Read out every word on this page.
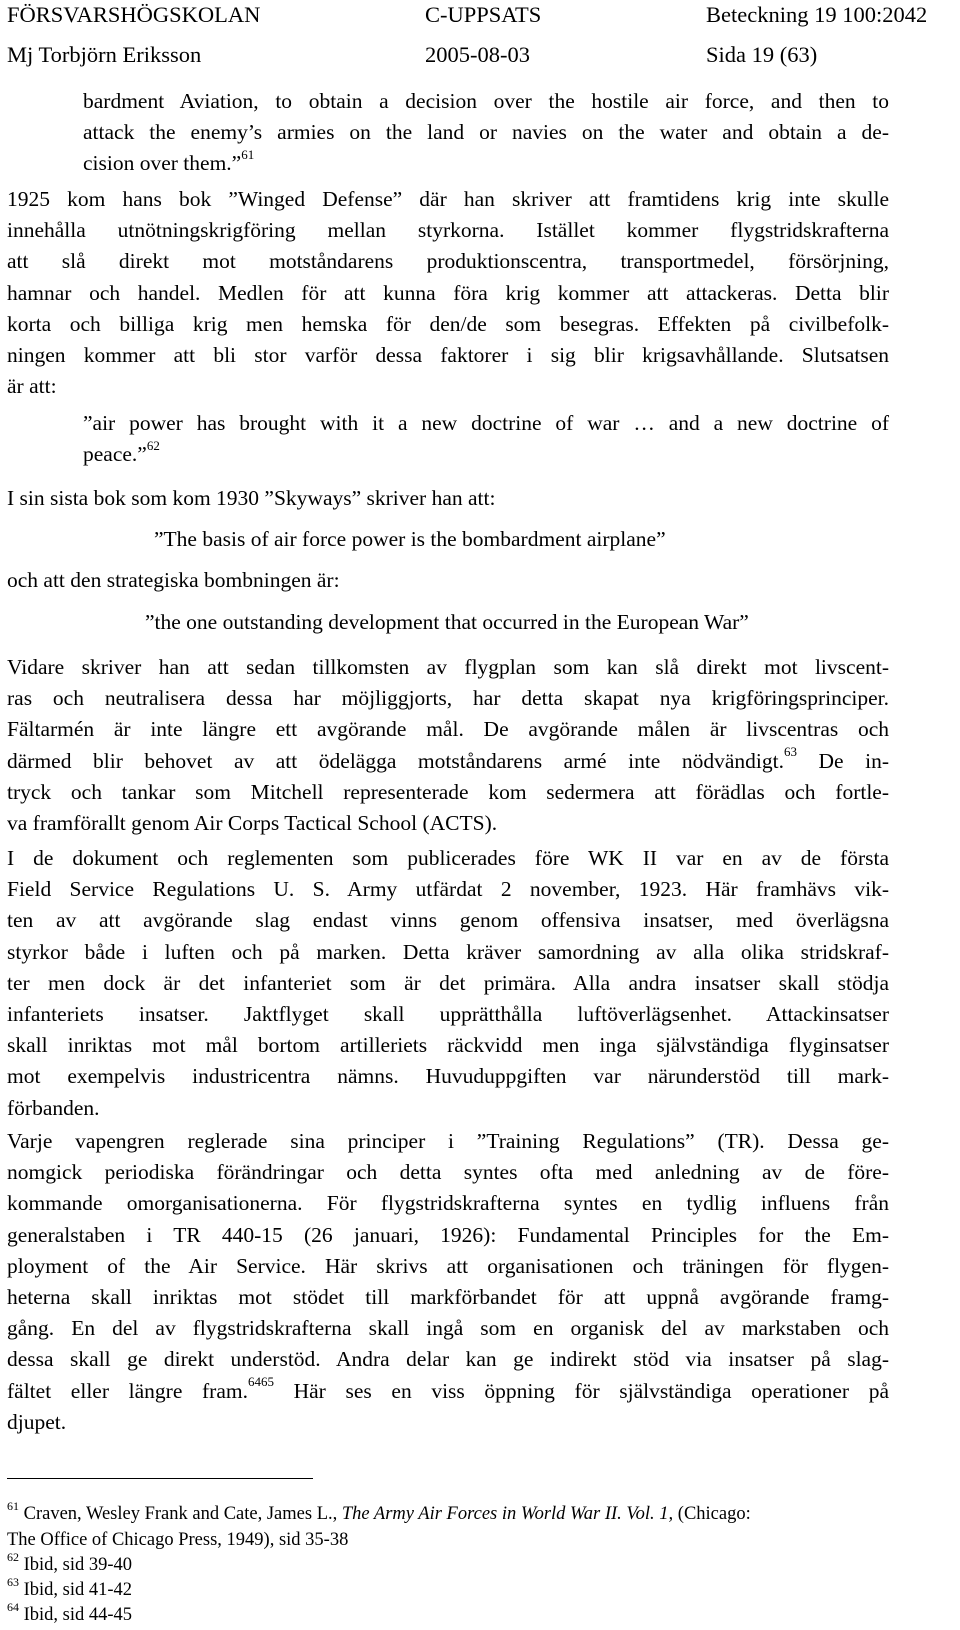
FÖRSVARSHÖGSKOLAN	C-UPPSATS	Beteckning 19 100:2042
Mj Torbjörn Eriksson	2005-08-03	Sida 19 (63)
bardment Aviation, to obtain a decision over the hostile air force, and then to
attack the enemy’s armies on the land or navies on the water and obtain a de-
cision over them.”$^{61}$
1925 kom hans bok ”Winged Defense” där han skriver att framtidens krig inte skulle
innehålla utnötningskrigföring mellan styrkorna. Istället kommer flygstridskrafterna
att slå direkt mot motståndarens produktionscentra, transportmedel, försörjning,
hamnar och handel. Medlen för att kunna föra krig kommer att attackeras. Detta blir
korta och billiga krig men hemska för den/de som besegras. Effekten på civilbefolk-
ningen kommer att bli stor varför dessa faktorer i sig blir krigsavhållande. Slutsatsen
är att:
”air power has brought with it a new doctrine of war … and a new doctrine of
peace.”$^{62}$
I sin sista bok som kom 1930 ”Skyways” skriver han att:
”The basis of air force power is the bombardment airplane”
och att den strategiska bombningen är:
”the one outstanding development that occurred in the European War”
Vidare skriver han att sedan tillkomsten av flygplan som kan slå direkt mot livscent-
ras och neutralisera dessa har möjliggjorts, har detta skapat nya krigföringsprinciper.
Fältarmén är inte längre ett avgörande mål. De avgörande målen är livscentras och
därmed blir behovet av att ödelägga motståndarens armé inte nödvändigt.$^{63}$ De in-
tryck och tankar som Mitchell representerade kom sedermera att förädlas och fortle-
va framförallt genom Air Corps Tactical School (ACTS).
I de dokument och reglementen som publicerades före WK II var en av de första
Field Service Regulations U. S. Army utfärdat 2 november, 1923. Här framhävs vik-
ten av att avgörande slag endast vinns genom offensiva insatser, med överlägsna
styrkor både i luften och på marken. Detta kräver samordning av alla olika stridskraf-
ter men dock är det infanteriet som är det primära. Alla andra insatser skall stödja
infanteriets insatser. Jaktflyget skall upprätthålla luftöverlägsenhet. Attackinsatser
skall inriktas mot mål bortom artilleriets räckvidd men inga självständiga flyginsatser
mot exempelvis industricentra nämns. Huvuduppgiften var närunderstöd till mark-
förbanden.
Varje vapengren reglerade sina principer i ”Training Regulations” (TR). Dessa ge-
nomgick periodiska förändringar och detta syntes ofta med anledning av de före-
kommande omorganisationerna. För flygstridskrafterna syntes en tydlig influens från
generalstaben i TR 440-15 (26 januari, 1926): Fundamental Principles for the Em-
ployment of the Air Service. Här skrivs att organisationen och träningen för flygen-
heterna skall inriktas mot stödet till markförbandet för att uppnå avgörande framg-
gång. En del av flygstridskrafterna skall ingå som en organisk del av markstaben och
dessa skall ge direkt understöd. Andra delar kan ge indirekt stöd via insatser på slag-
fältet eller längre fram.$^{6465}$ Här ses en viss öppning för självständiga operationer på
djupet.
$^{61}$ Craven, Wesley Frank and Cate, James L., The Army Air Forces in World War II. Vol. 1, (Chicago:
The Office of Chicago Press, 1949), sid 35-38
$^{62}$ Ibid, sid 39-40
$^{63}$ Ibid, sid 41-42
$^{64}$ Ibid, sid 44-45
